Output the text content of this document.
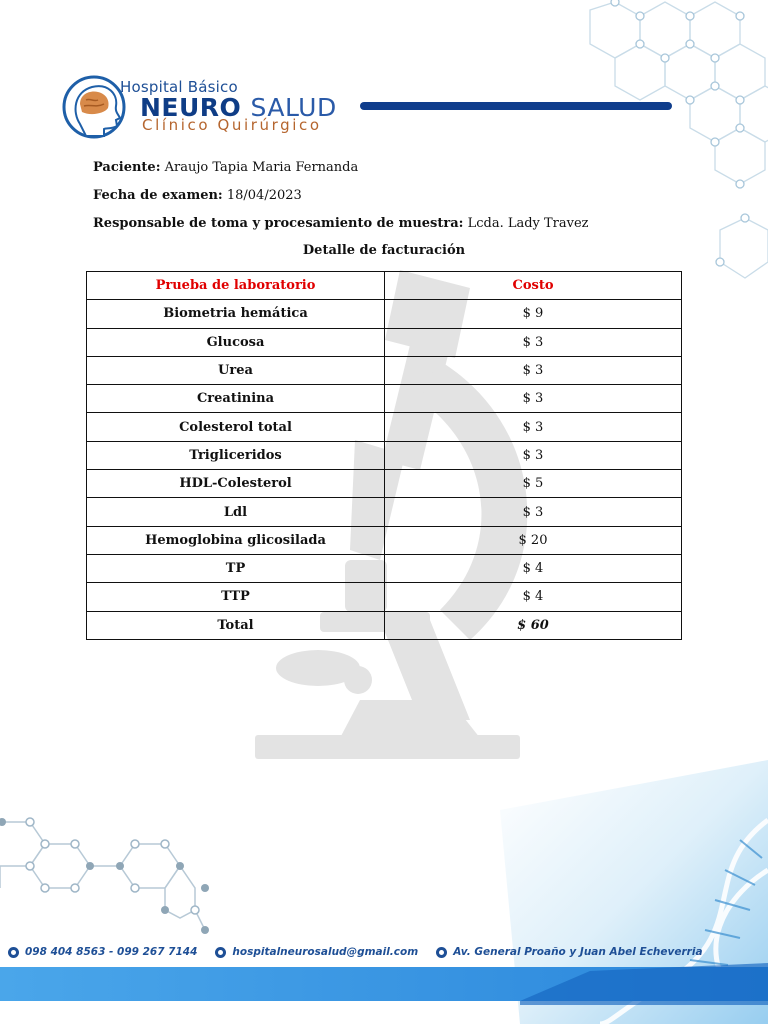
Hospital Básico
NEURO SALUD
Clínico Quirúrgico
Paciente: Araujo Tapia Maria Fernanda
Fecha de examen: 18/04/2023
Responsable de toma y procesamiento de muestra: Lcda. Lady Travez
Detalle de facturación
Prueba de laboratorio	Costo
Biometria hemática	$ 9
Glucosa	$ 3
Urea	$ 3
Creatinina	$ 3
Colesterol total	$ 3
Trigliceridos	$ 3
HDL-Colesterol	$ 5
Ldl	$ 3
Hemoglobina glicosilada	$ 20
TP	$ 4
TTP	$ 4
Total	$ 60
098 404 8563 - 099 267 7144	hospitalneurosalud@gmail.com	Av. General Proaño y Juan Abel Echeverria
